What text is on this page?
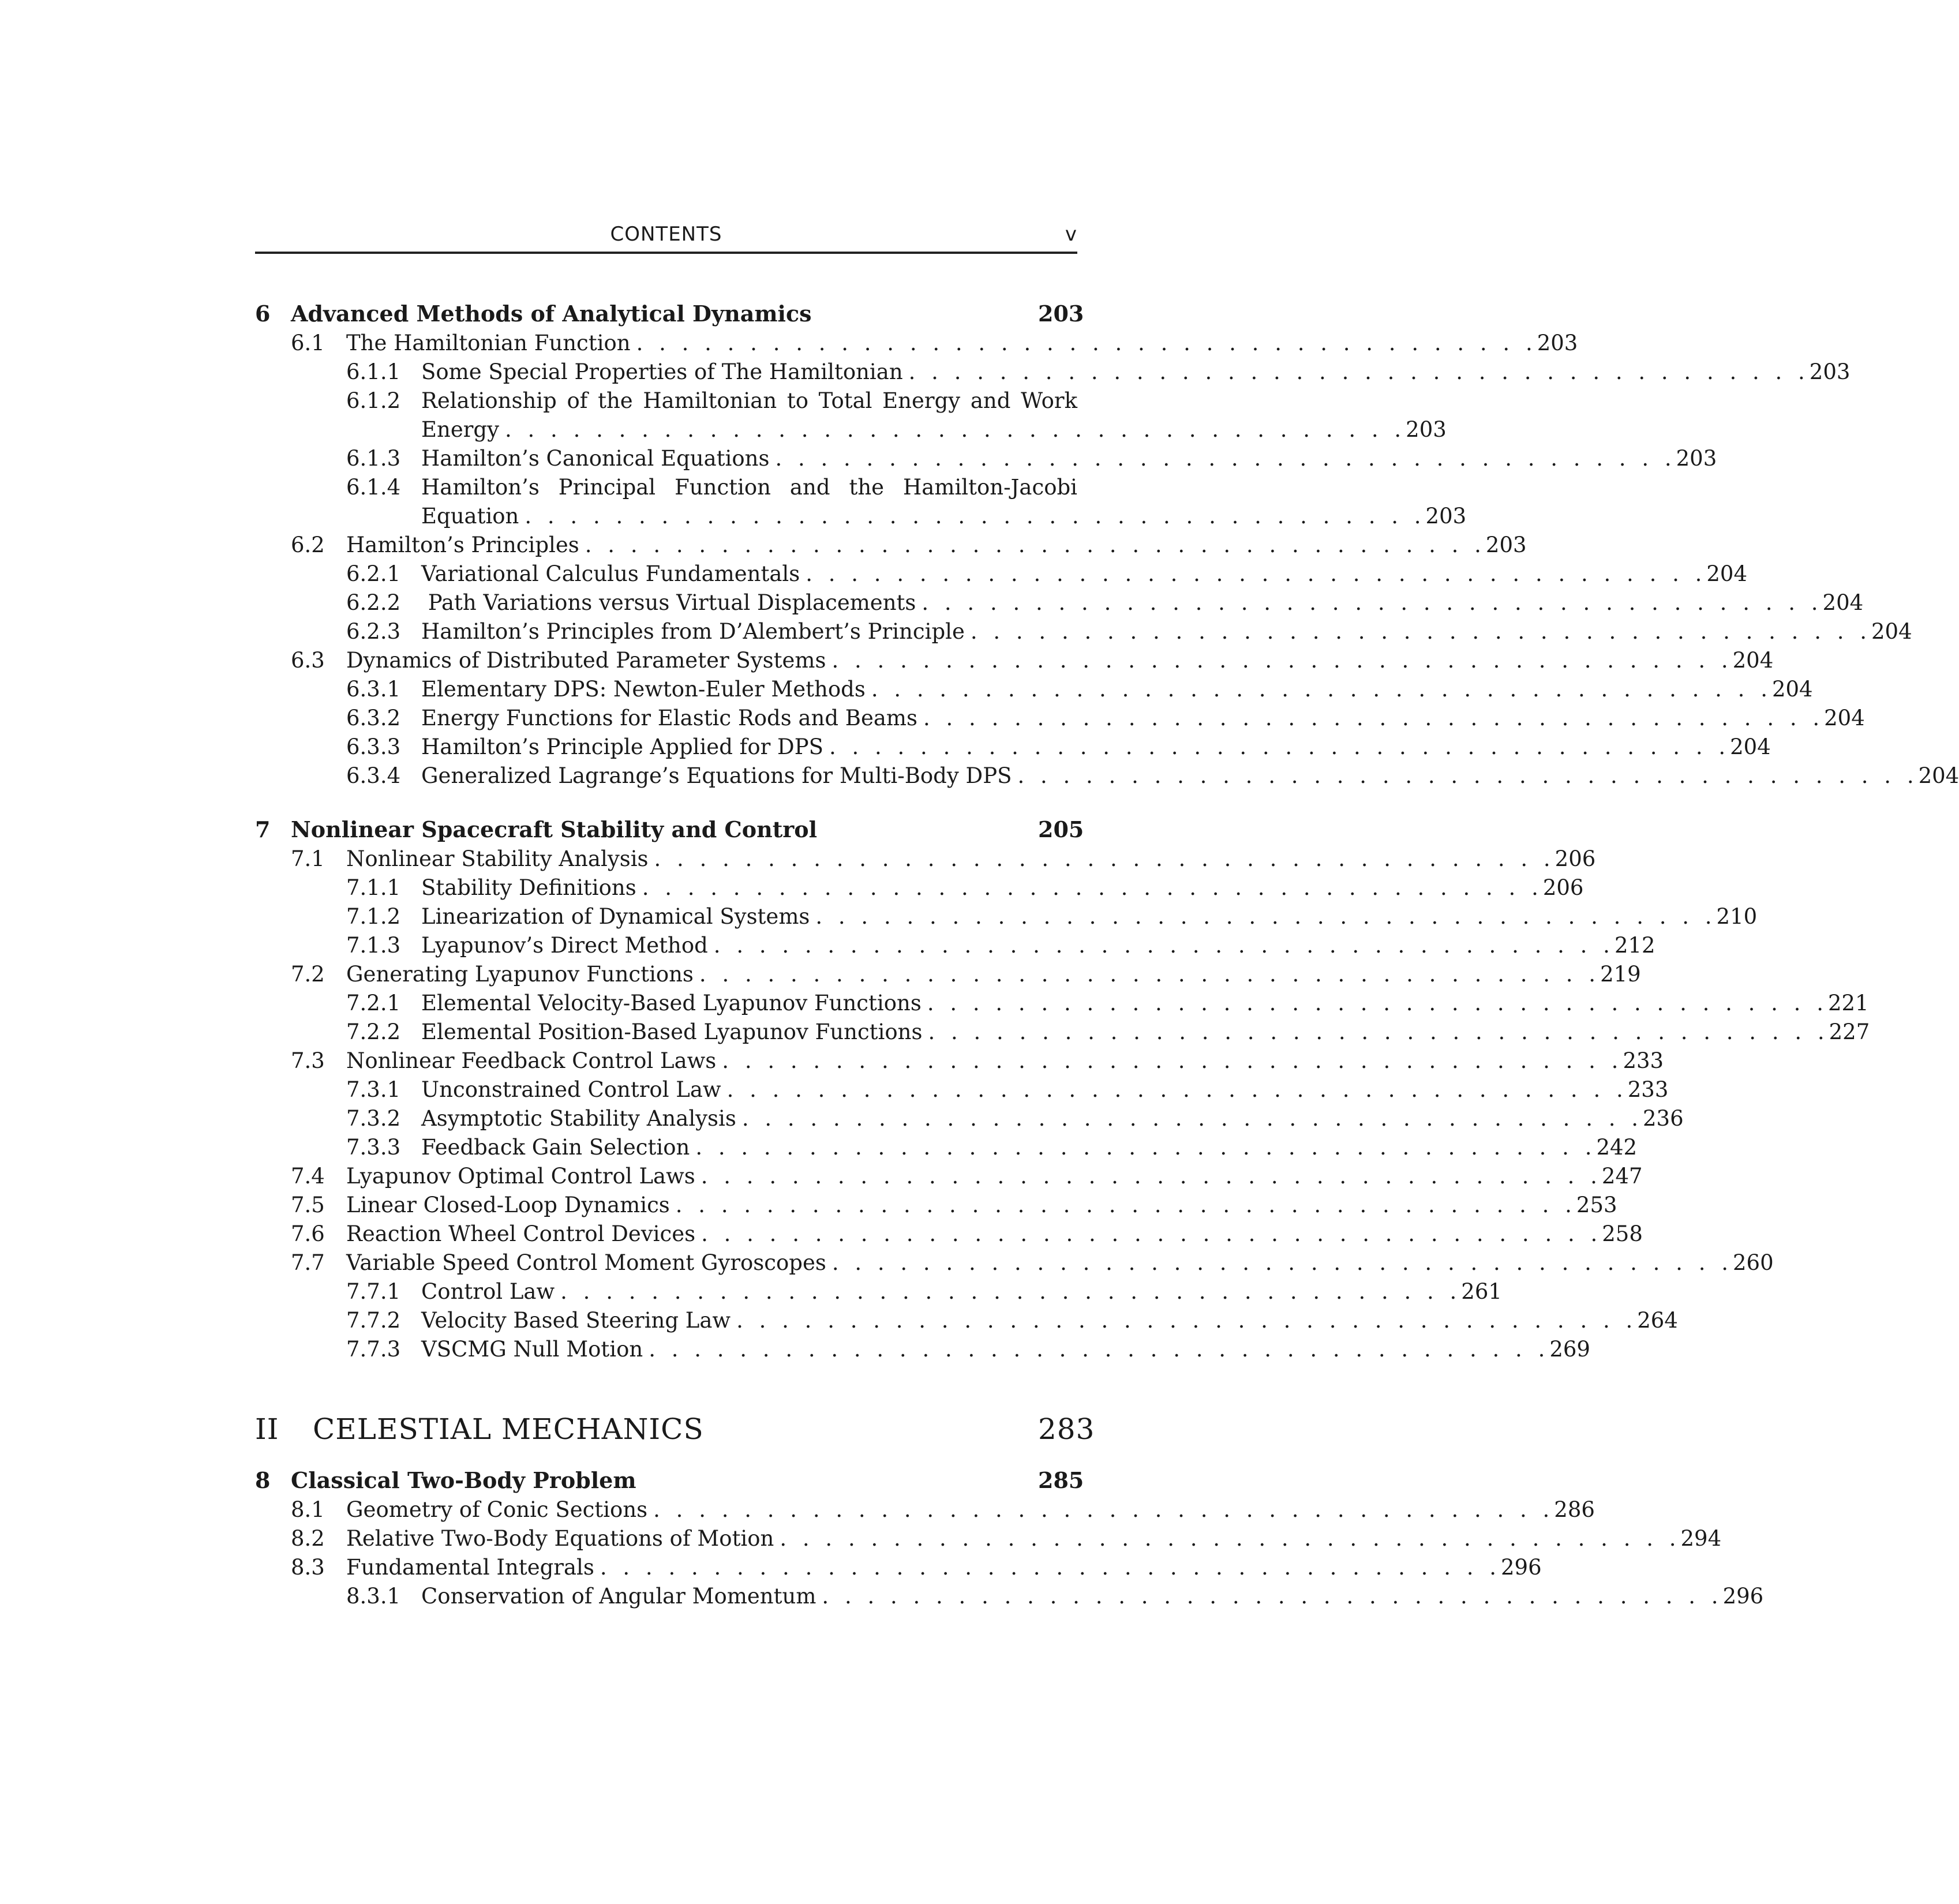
CONTENTS	v
6 Advanced Methods of Analytical Dynamics	203
6.1 The Hamiltonian Function . . . . . . . . . . . . . . . . . . . . . . . . . . . . . . . . . . . . . . . . 203
6.1.1 Some Special Properties of The Hamiltonian . . . . . . . . . . . . . . . . . . . . . . . . . . . . . . . . . . . . . . . . 203
6.1.2 Relationship of the Hamiltonian to Total Energy and Work
Energy . . . . . . . . . . . . . . . . . . . . . . . . . . . . . . . . . . . . . . . . 203
6.1.3 Hamilton’s Canonical Equations . . . . . . . . . . . . . . . . . . . . . . . . . . . . . . . . . . . . . . . . 203
6.1.4 Hamilton’s Principal Function and the Hamilton-Jacobi
Equation . . . . . . . . . . . . . . . . . . . . . . . . . . . . . . . . . . . . . . . . 203
6.2 Hamilton’s Principles . . . . . . . . . . . . . . . . . . . . . . . . . . . . . . . . . . . . . . . . 203
6.2.1 Variational Calculus Fundamentals . . . . . . . . . . . . . . . . . . . . . . . . . . . . . . . . . . . . . . . . 204
6.2.2 Path Variations versus Virtual Displacements . . . . . . . . . . . . . . . . . . . . . . . . . . . . . . . . . . . . . . . . 204
6.2.3 Hamilton’s Principles from D’Alembert’s Principle . . . . . . . . . . . . . . . . . . . . . . . . . . . . . . . . . . . . . . . . 204
6.3 Dynamics of Distributed Parameter Systems . . . . . . . . . . . . . . . . . . . . . . . . . . . . . . . . . . . . . . . . 204
6.3.1 Elementary DPS: Newton-Euler Methods . . . . . . . . . . . . . . . . . . . . . . . . . . . . . . . . . . . . . . . . 204
6.3.2 Energy Functions for Elastic Rods and Beams . . . . . . . . . . . . . . . . . . . . . . . . . . . . . . . . . . . . . . . . 204
6.3.3 Hamilton’s Principle Applied for DPS . . . . . . . . . . . . . . . . . . . . . . . . . . . . . . . . . . . . . . . . 204
6.3.4 Generalized Lagrange’s Equations for Multi-Body DPS . . . . . . . . . . . . . . . . . . . . . . . . . . . . . . . . . . . . . . . . 204
7 Nonlinear Spacecraft Stability and Control	205
7.1 Nonlinear Stability Analysis . . . . . . . . . . . . . . . . . . . . . . . . . . . . . . . . . . . . . . . . 206
7.1.1 Stability Definitions . . . . . . . . . . . . . . . . . . . . . . . . . . . . . . . . . . . . . . . . 206
7.1.2 Linearization of Dynamical Systems . . . . . . . . . . . . . . . . . . . . . . . . . . . . . . . . . . . . . . . . 210
7.1.3 Lyapunov’s Direct Method . . . . . . . . . . . . . . . . . . . . . . . . . . . . . . . . . . . . . . . . 212
7.2 Generating Lyapunov Functions . . . . . . . . . . . . . . . . . . . . . . . . . . . . . . . . . . . . . . . . 219
7.2.1 Elemental Velocity-Based Lyapunov Functions . . . . . . . . . . . . . . . . . . . . . . . . . . . . . . . . . . . . . . . . 221
7.2.2 Elemental Position-Based Lyapunov Functions . . . . . . . . . . . . . . . . . . . . . . . . . . . . . . . . . . . . . . . . 227
7.3 Nonlinear Feedback Control Laws . . . . . . . . . . . . . . . . . . . . . . . . . . . . . . . . . . . . . . . . 233
7.3.1 Unconstrained Control Law . . . . . . . . . . . . . . . . . . . . . . . . . . . . . . . . . . . . . . . . 233
7.3.2 Asymptotic Stability Analysis . . . . . . . . . . . . . . . . . . . . . . . . . . . . . . . . . . . . . . . . 236
7.3.3 Feedback Gain Selection . . . . . . . . . . . . . . . . . . . . . . . . . . . . . . . . . . . . . . . . 242
7.4 Lyapunov Optimal Control Laws . . . . . . . . . . . . . . . . . . . . . . . . . . . . . . . . . . . . . . . . 247
7.5 Linear Closed-Loop Dynamics . . . . . . . . . . . . . . . . . . . . . . . . . . . . . . . . . . . . . . . . 253
7.6 Reaction Wheel Control Devices . . . . . . . . . . . . . . . . . . . . . . . . . . . . . . . . . . . . . . . . 258
7.7 Variable Speed Control Moment Gyroscopes . . . . . . . . . . . . . . . . . . . . . . . . . . . . . . . . . . . . . . . . 260
7.7.1 Control Law . . . . . . . . . . . . . . . . . . . . . . . . . . . . . . . . . . . . . . . . 261
7.7.2 Velocity Based Steering Law . . . . . . . . . . . . . . . . . . . . . . . . . . . . . . . . . . . . . . . . 264
7.7.3 VSCMG Null Motion . . . . . . . . . . . . . . . . . . . . . . . . . . . . . . . . . . . . . . . . 269
II CELESTIAL MECHANICS	283
8 Classical Two-Body Problem	285
8.1 Geometry of Conic Sections . . . . . . . . . . . . . . . . . . . . . . . . . . . . . . . . . . . . . . . . 286
8.2 Relative Two-Body Equations of Motion . . . . . . . . . . . . . . . . . . . . . . . . . . . . . . . . . . . . . . . . 294
8.3 Fundamental Integrals . . . . . . . . . . . . . . . . . . . . . . . . . . . . . . . . . . . . . . . . 296
8.3.1 Conservation of Angular Momentum . . . . . . . . . . . . . . . . . . . . . . . . . . . . . . . . . . . . . . . . 296
